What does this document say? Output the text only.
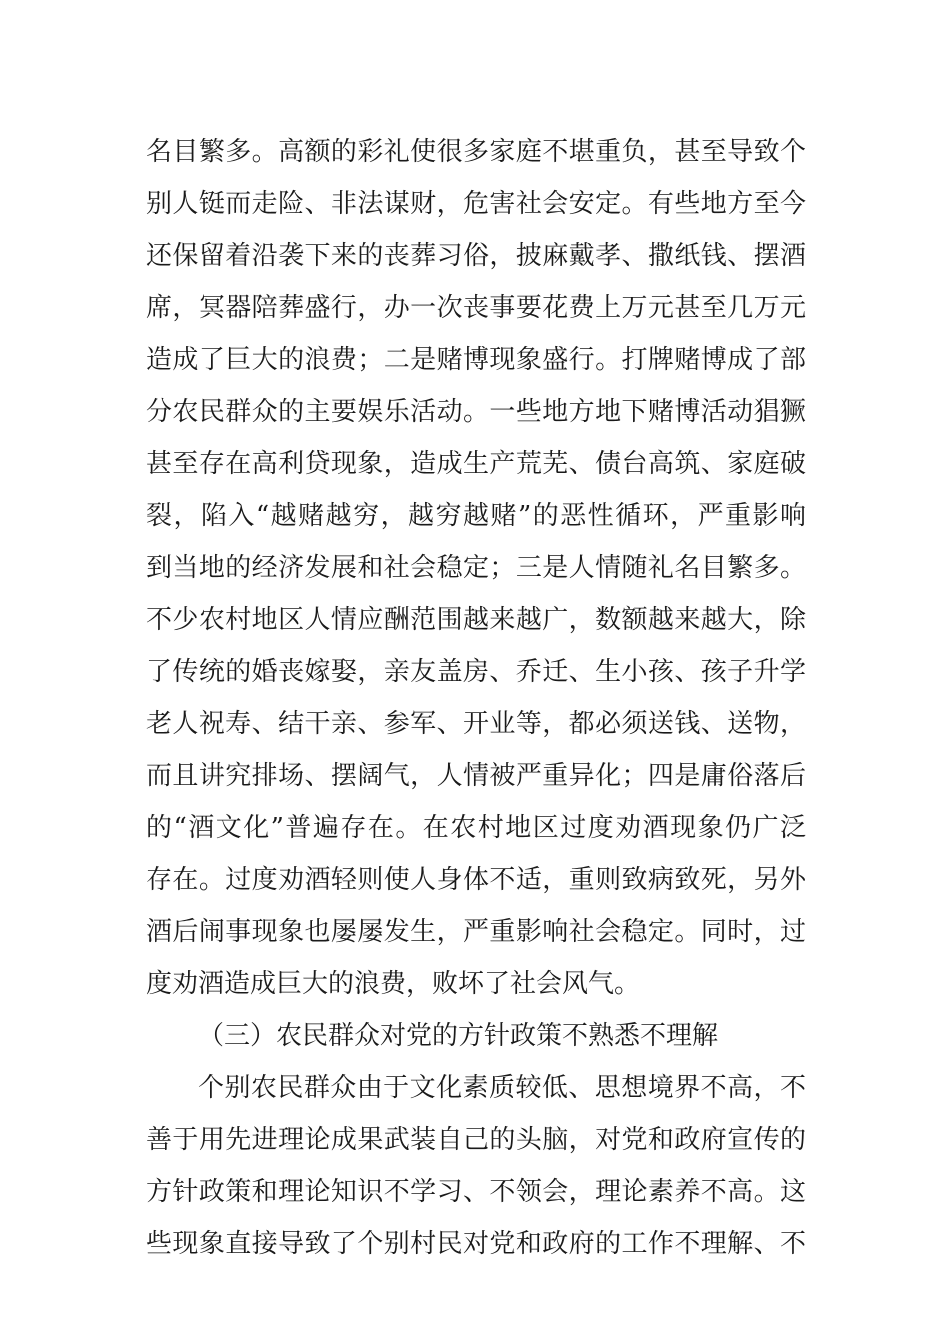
名目繁多。高额的彩礼使很多家庭不堪重负，甚至导致个
别人铤而走险、非法谋财，危害社会安定。有些地方至今
还保留着沿袭下来的丧葬习俗，披麻戴孝、撒纸钱、摆酒
席，冥器陪葬盛行，办一次丧事要花费上万元甚至几万元
造成了巨大的浪费；二是赌博现象盛行。打牌赌博成了部
分农民群众的主要娱乐活动。一些地方地下赌博活动猖獗
甚至存在高利贷现象，造成生产荒芜、债台高筑、家庭破
裂，陷入“越赌越穷，越穷越赌”的恶性循环，严重影响
到当地的经济发展和社会稳定；三是人情随礼名目繁多。
不少农村地区人情应酬范围越来越广，数额越来越大，除
了传统的婚丧嫁娶，亲友盖房、乔迁、生小孩、孩子升学
老人祝寿、结干亲、参军、开业等，都必须送钱、送物，
而且讲究排场、摆阔气，人情被严重异化；四是庸俗落后
的“酒文化”普遍存在。在农村地区过度劝酒现象仍广泛
存在。过度劝酒轻则使人身体不适，重则致病致死，另外
酒后闹事现象也屡屡发生，严重影响社会稳定。同时，过
度劝酒造成巨大的浪费，败坏了社会风气。
（三）农民群众对党的方针政策不熟悉不理解
个别农民群众由于文化素质较低、思想境界不高，不
善于用先进理论成果武装自己的头脑，对党和政府宣传的
方针政策和理论知识不学习、不领会，理论素养不高。这
些现象直接导致了个别村民对党和政府的工作不理解、不
